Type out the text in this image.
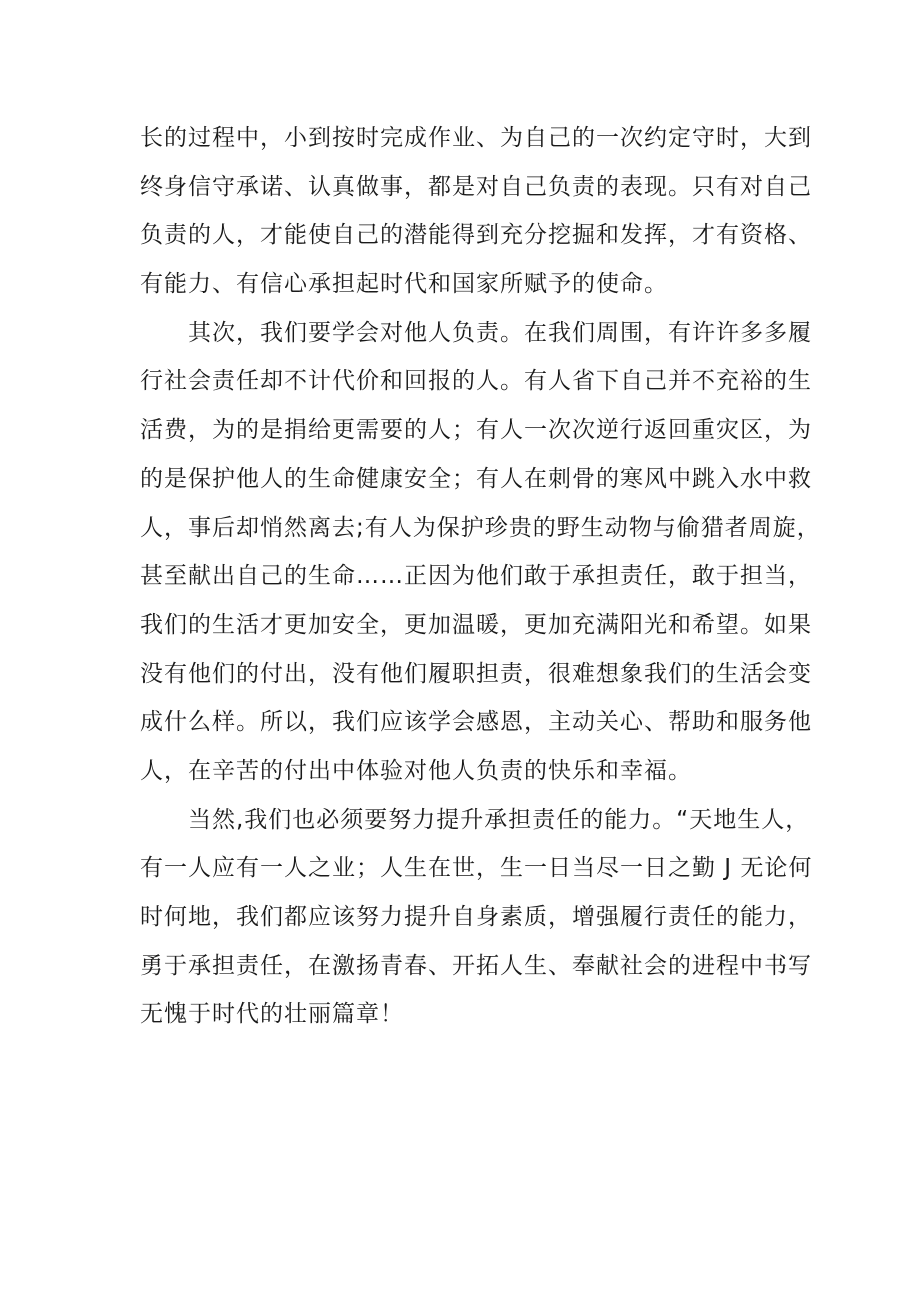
长的过程中，小到按时完成作业、为自己的一次约定守时，大到
终身信守承诺、认真做事，都是对自己负责的表现。只有对自己
负责的人，才能使自己的潜能得到充分挖掘和发挥，才有资格、
有能力、有信心承担起时代和国家所赋予的使命。
其次，我们要学会对他人负责。在我们周围，有许许多多履
行社会责任却不计代价和回报的人。有人省下自己并不充裕的生
活费，为的是捐给更需要的人；有人一次次逆行返回重灾区，为
的是保护他人的生命健康安全；有人在刺骨的寒风中跳入水中救
人，事后却悄然离去;有人为保护珍贵的野生动物与偷猎者周旋，
甚至献出自己的生命……正因为他们敢于承担责任，敢于担当，
我们的生活才更加安全，更加温暖，更加充满阳光和希望。如果
没有他们的付出，没有他们履职担责，很难想象我们的生活会变
成什么样。所以，我们应该学会感恩，主动关心、帮助和服务他
人，在辛苦的付出中体验对他人负责的快乐和幸福。
当然,我们也必须要努力提升承担责任的能力。“天地生人，
有一人应有一人之业；人生在世，生一日当尽一日之勤 J 无论何
时何地，我们都应该努力提升自身素质，增强履行责任的能力，
勇于承担责任，在激扬青春、开拓人生、奉献社会的进程中书写
无愧于时代的壮丽篇章！
